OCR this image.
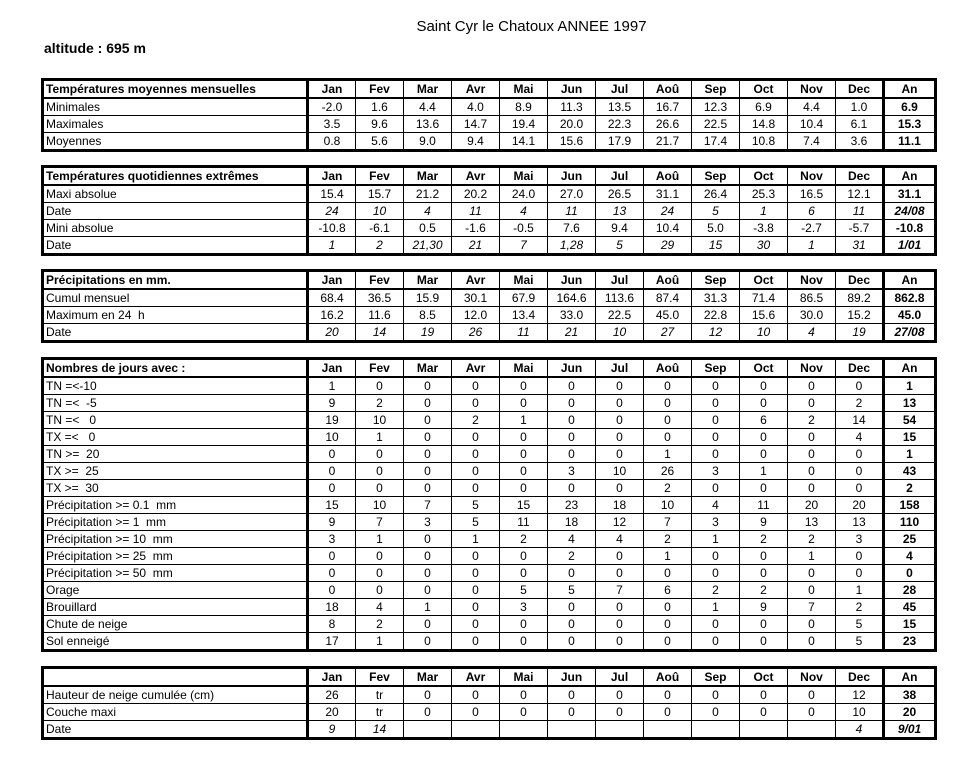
Saint Cyr le Chatoux ANNEE 1997
altitude : 695 m
Températures moyennes mensuelles	Jan	Fev	Mar	Avr	Mai	Jun	Jul	Aoû	Sep	Oct	Nov	Dec	An
Minimales	-2.0	1.6	4.4	4.0	8.9	11.3	13.5	16.7	12.3	6.9	4.4	1.0	6.9
Maximales	3.5	9.6	13.6	14.7	19.4	20.0	22.3	26.6	22.5	14.8	10.4	6.1	15.3
Moyennes	0.8	5.6	9.0	9.4	14.1	15.6	17.9	21.7	17.4	10.8	7.4	3.6	11.1
Températures quotidiennes extrêmes	Jan	Fev	Mar	Avr	Mai	Jun	Jul	Aoû	Sep	Oct	Nov	Dec	An
Maxi absolue	15.4	15.7	21.2	20.2	24.0	27.0	26.5	31.1	26.4	25.3	16.5	12.1	31.1
Date	24	10	4	11	4	11	13	24	5	1	6	11	24/08
Mini absolue	-10.8	-6.1	0.5	-1.6	-0.5	7.6	9.4	10.4	5.0	-3.8	-2.7	-5.7	-10.8
Date	1	2	21,30	21	7	1,28	5	29	15	30	1	31	1/01
Précipitations en mm.	Jan	Fev	Mar	Avr	Mai	Jun	Jul	Aoû	Sep	Oct	Nov	Dec	An
Cumul mensuel	68.4	36.5	15.9	30.1	67.9	164.6	113.6	87.4	31.3	71.4	86.5	89.2	862.8
Maximum en 24  h	16.2	11.6	8.5	12.0	13.4	33.0	22.5	45.0	22.8	15.6	30.0	15.2	45.0
Date	20	14	19	26	11	21	10	27	12	10	4	19	27/08
Nombres de jours avec :	Jan	Fev	Mar	Avr	Mai	Jun	Jul	Aoû	Sep	Oct	Nov	Dec	An
TN =<-10	1	0	0	0	0	0	0	0	0	0	0	0	1
TN =<  -5	9	2	0	0	0	0	0	0	0	0	0	2	13
TN =<   0	19	10	0	2	1	0	0	0	0	6	2	14	54
TX =<   0	10	1	0	0	0	0	0	0	0	0	0	4	15
TN >=  20	0	0	0	0	0	0	0	1	0	0	0	0	1
TX >=  25	0	0	0	0	0	3	10	26	3	1	0	0	43
TX >=  30	0	0	0	0	0	0	0	2	0	0	0	0	2
Précipitation >= 0.1  mm	15	10	7	5	15	23	18	10	4	11	20	20	158
Précipitation >= 1  mm	9	7	3	5	11	18	12	7	3	9	13	13	110
Précipitation >= 10  mm	3	1	0	1	2	4	4	2	1	2	2	3	25
Précipitation >= 25  mm	0	0	0	0	0	2	0	1	0	0	1	0	4
Précipitation >= 50  mm	0	0	0	0	0	0	0	0	0	0	0	0	0
Orage	0	0	0	0	5	5	7	6	2	2	0	1	28
Brouillard	18	4	1	0	3	0	0	0	1	9	7	2	45
Chute de neige	8	2	0	0	0	0	0	0	0	0	0	5	15
Sol enneigé	17	1	0	0	0	0	0	0	0	0	0	5	23
	Jan	Fev	Mar	Avr	Mai	Jun	Jul	Aoû	Sep	Oct	Nov	Dec	An
Hauteur de neige cumulée (cm)	26	tr	0	0	0	0	0	0	0	0	0	12	38
Couche maxi	20	tr	0	0	0	0	0	0	0	0	0	10	20
Date	9	14										4	9/01
